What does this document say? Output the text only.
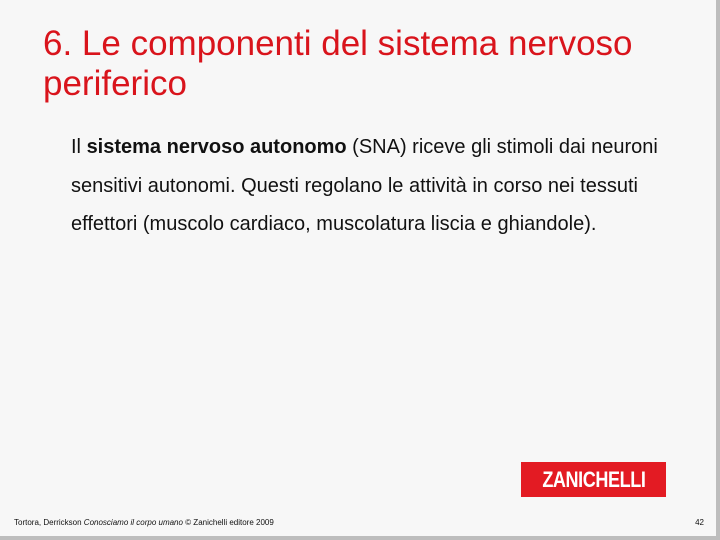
6. Le componenti del sistema nervoso periferico

Il sistema nervoso autonomo (SNA) riceve gli stimoli dai neuroni sensitivi autonomi. Questi regolano le attività in corso nei tessuti effettori (muscolo cardiaco, muscolatura liscia e ghiandole).

ZANICHELLI
Tortora, Derrickson Conosciamo il corpo umano © Zanichelli editore 2009	42
